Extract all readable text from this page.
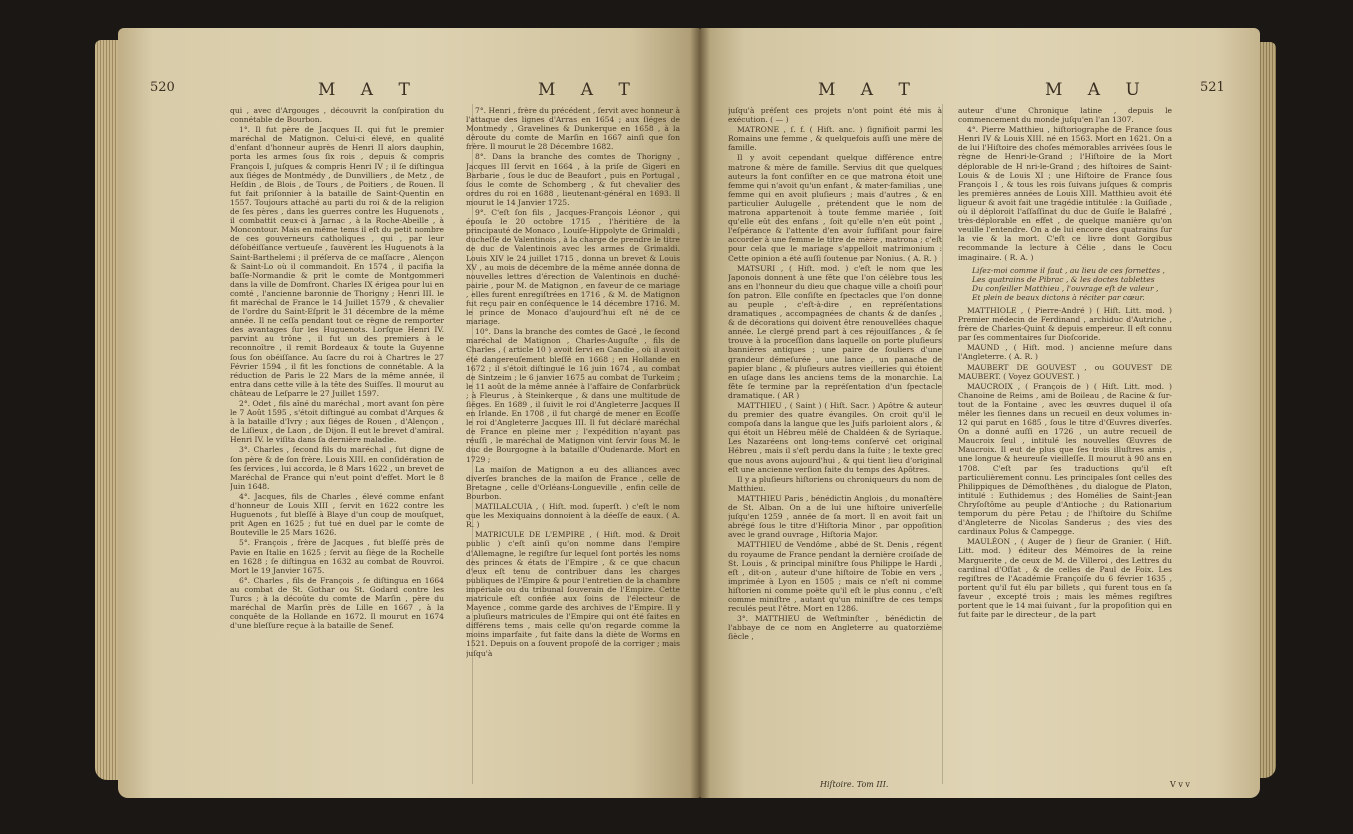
520	M A T	M A T

qui , avec d'Argouges , découvrit la conſpiration du connétable de Bourbon.

1°. Il fut père de Jacques II. qui fut le premier maréchal de Matignon. Celui-ci élevé, en qualité d'enfant d'honneur auprès de Henri II alors dauphin, porta les armes ſous ſix rois , depuis & compris François I, juſques & compris Henri IV ; il ſe diſtingua aux ſiéges de Montmédy , de Dunvilliers , de Metz , de Heſdin , de Blois , de Tours , de Poitiers , de Rouen. Il fut fait priſonnier à la bataille de Saint-Quentin en 1557. Toujours attaché au parti du roi & de la religion de ſes pères , dans les guerres contre les Huguenots , il combattit ceux-ci à Jarnac , à la Roche-Abeille , à Moncontour. Mais en même tems il eſt du petit nombre de ces gouverneurs catholiques , qui , par leur déſobéiſſance vertueuſe , ſauvèrent les Huguenots à la Saint-Barthelemi ; il préſerva de ce maſſacre , Alençon & Saint-Lo où il commandoit. En 1574 , il pacifia la baſſe-Normandie & prit le comte de Montgommeri dans la ville de Domfront. Charles IX érigea pour lui en comté , l'ancienne baronnie de Thorigny ; Henri III. le fit maréchal de France le 14 Juillet 1579 , & chevalier de l'ordre du Saint-Eſprit le 31 décembre de la même année. Il ne ceſſa pendant tout ce règne de remporter des avantages ſur les Huguenots. Lorſque Henri IV. parvint au trône , il fut un des premiers à le reconnoître , il remit Bordeaux & toute la Guyenne ſous ſon obéiſſance. Au ſacre du roi à Chartres le 27 Février 1594 , il fit les fonctions de connétable. A la réduction de Paris le 22 Mars de la même année, il entra dans cette ville à la tête des Suiſſes. Il mourut au château de Leſparre le 27 Juillet 1597.

2°. Odet , fils aîné du maréchal , mort avant ſon père le 7 Août 1595 , s'étoit diſtingué au combat d'Arques & à la bataille d'Ivry ; aux ſiéges de Rouen , d'Alençon , de Liſieux , de Laon , de Dijon. Il eut le brevet d'amiral. Henri IV. le viſita dans ſa dernière maladie.

3°. Charles , ſecond fils du maréchal , fut digne de ſon père & de ſon frère. Louis XIII. en conſidération de ſes ſervices , lui accorda, le 8 Mars 1622 , un brevet de Maréchal de France qui n'eut point d'effet. Mort le 8 Juin 1648.

4°. Jacques, fils de Charles , élevé comme enfant d'honneur de Louis XIII , ſervit en 1622 contre les Huguenots , fut bleſſé à Blaye d'un coup de mouſquet, prit Agen en 1625 ; fut tué en duel par le comte de Bouteville le 25 Mars 1626.

5°. François , frère de Jacques , fut bleſſé près de Pavie en Italie en 1625 ; ſervit au ſiège de la Rochelle en 1628 ; ſe diſtingua en 1632 au combat de Rouvroi. Mort le 19 Janvier 1675.

6°. Charles , fils de François , ſe diſtingua en 1664 au combat de St. Gothar ou St. Godard contre les Turcs ; à la décoûte du comte de Marſin , père du maréchal de Marſin près de Lille en 1667 , à la conquête de la Hollande en 1672. Il mourut en 1674 d'une bleſſure reçue à la bataille de Senef.

7°. Henri , frère du précédent , ſervit avec honneur à l'attaque des lignes d'Arras en 1654 ; aux ſiéges de Montmedy , Gravelines & Dunkerque en 1658 , à la déroute du comte de Marſin en 1667 ainſi que ſon frère. Il mourut le 28 Décembre 1682.

8°. Dans la branche des comtes de Thorigny , Jacques III ſervit en 1664 , à la priſe de Gigeri en Barbarie , ſous le duc de Beaufort , puis en Portugal , ſous le comte de Schomberg , & fut chevalier des ordres du roi en 1688 , lieutenant-général en 1693. Il mourut le 14 Janvier 1725.

9°. C'eſt ſon fils , Jacques-François Léonor , qui épouſa le 20 octobre 1715 , l'héritière de la principauté de Monaco , Louiſe-Hippolyte de Grimaldi , ducheſſe de Valentinois , à la charge de prendre le titre de duc de Valentinois avec les armes de Grimaldi. Louis XIV le 24 juillet 1715 , donna un brevet & Louis XV , au mois de décembre de la même année donna de nouvelles lettres d'érection de Valentinois en duché-pairie , pour M. de Matignon , en faveur de ce mariage , elles furent enregiſtrées en 1716 , & M. de Matignon fut reçu pair en conſéquence le 14 décembre 1716. M. le prince de Monaco d'aujourd'hui eſt né de ce mariage.

10°. Dans la branche des comtes de Gacé , le ſecond maréchal de Matignon , Charles-Auguſte , fils de Charles , ( article 10 ) avoit ſervi en Candie , où il avoit été dangereuſement bleſſé en 1668 ; en Hollande en 1672 ; il s'étoit diſtingué le 16 juin 1674 , au combat de Sintzeim ; le 6 janvier 1675 au combat de Turkeim ; le 11 août de la même année à l'affaire de Confarbrück ; à Fleurus , à Steinkerque , & dans une multitude de ſiéges. En 1689 , il ſuivit le roi d'Angleterre Jacques II en Irlande. En 1708 , il fut chargé de mener en Ecoſſe le roi d'Angleterre Jacques III. Il fut déclaré maréchal de France en pleine mer ; l'expédition n'ayant pas réuſſi , le maréchal de Matignon vint ſervir ſous M. le duc de Bourgogne à la bataille d'Oudenarde. Mort en 1729 ;

La maiſon de Matignon a eu des alliances avec diverſes branches de la maiſon de France , celle de Bretagne , celle d'Orléans-Longueville , enfin celle de Bourbon.

MATILALCUIA , ( Hiſt. mod. ſuperſt. ) c'eſt le nom que les Mexiquains donnoient à la déeſſe de eaux. ( A. R. )

MATRICULE DE L'EMPIRE , ( Hiſt. mod. & Droit public ) c'eſt ainſi qu'on nomme dans l'empire d'Allemagne, le regiſtre ſur lequel ſont portés les noms des princes & états de l'Empire , & ce que chacun d'eux eſt tenu de contribuer dans les charges publiques de l'Empire & pour l'entretien de la chambre impériale ou du tribunal ſouverain de l'Empire. Cette matricule eſt confiée aux ſoins de l'électeur de Mayence , comme garde des archives de l'Empire. Il y a pluſieurs matricules de l'Empire qui ont été faites en différens tems , mais celle qu'on regarde comme la moins imparfaite , fut faite dans la diète de Worms en 1521. Depuis on a ſouvent propoſé de la corriger ; mais juſqu'à

M A T	M A U	521

juſqu'à préſent ces projets n'ont point été mis à exécution. ( — )

MATRONE , ſ. f. ( Hiſt. anc. ) ſignifioit parmi les Romains une femme , & quelquefois auſſi une mère de famille.

Il y avoit cependant quelque différence entre matrone & mère de famille. Servius dit que quelques auteurs la font conſiſter en ce que matrona étoit une femme qui n'avoit qu'un enfant , & mater-familias , une femme qui en avoit pluſieurs ; mais d'autres , & en particulier Aulugelle , prétendent que le nom de matrona appartenoit à toute femme mariée , ſoit qu'elle eût des enfans , ſoit qu'elle n'en eût point , l'eſpérance & l'attente d'en avoir ſuffiſant pour faire accorder à une femme le titre de mère , matrona ; c'eſt pour cela que le mariage s'appelloit matrimonium : Cette opinion a été auſſi ſoutenue par Nonius. ( A. R. )

MATSURI , ( Hiſt. mod. ) c'eſt le nom que les Japonois donnent à une fête que l'on célèbre tous les ans en l'honneur du dieu que chaque ville a choiſi pour ſon patron. Elle conſiſte en ſpectacles que l'on donne au peuple , c'eſt-à-dire , en repréſentations dramatiques , accompagnées de chants & de danſes , & de décorations qui doivent être renouvellées chaque année. Le clergé prend part à ces réjouiſſances , & ſe trouve à la proceſſion dans laquelle on porte pluſieurs bannières antiques ; une paire de ſouliers d'une grandeur démeſurée , une lance , un panache de papier blanc , & pluſieurs autres vieilleries qui étoient en uſage dans les anciens tems de la monarchie. La fête ſe termine par la repréſentation d'un ſpectacle dramatique. ( AR )

MATTHIEU , ( Saint ) ( Hiſt. Sacr. ) Apôtre & auteur du premier des quatre évangiles. On croit qu'il le compoſa dans la langue que les Juifs parloient alors , & qui étoit un Hébreu mêlé de Chaldéen & de Syriaque. Les Nazaréens ont long-tems conſervé cet original Hébreu , mais il s'eſt perdu dans la ſuite ; le texte grec que nous avons aujourd'hui , & qui tient lieu d'original eſt une ancienne verſion faite du temps des Apôtres.

Il y a pluſieurs hiſtoriens ou chroniqueurs du nom de Matthieu.

MATTHIEU Paris , bénédictin Anglois , du monaſtère de St. Alban. On a de lui une hiſtoire univerſelle juſqu'en 1259 , année de ſa mort. Il en avoit fait un abrégé ſous le titre d'Hiſtoria Minor , par oppoſition avec le grand ouvrage , Hiſtoria Major.

MATTHIEU de Vendôme , abbé de St. Denis , régent du royaume de France pendant la dernière croiſade de St. Louis , & principal miniſtre ſous Philippe le Hardi , eſt , dit-on , auteur d'une hiſtoire de Tobie en vers , imprimée à Lyon en 1505 ; mais ce n'eſt ni comme hiſtorien ni comme poëte qu'il eſt le plus connu , c'eſt comme miniſtre , autant qu'un miniſtre de ces temps reculés peut l'être. Mort en 1286.

3°. MATTHIEU de Weſtminſter , bénédictin de l'abbaye de ce nom en Angleterre au quatorzième ſiècle ,

auteur d'une Chronique latine , depuis le commencement du monde juſqu'en l'an 1307.

4°. Pierre Matthieu , hiſtoriographe de France ſous Henri IV & Louis XIII. né en 1563. Mort en 1621. On a de lui l'Hiſtoire des choſes mémorables arrivées ſous le règne de Henri-le-Grand ; l'Hiſtoire de la Mort déplorable de H nri-le-Grand ; des hiſtoires de Saint-Louis & de Louis XI ; une Hiſtoire de France ſous François I , & tous les rois ſuivans juſques & compris les premières années de Louis XIII. Matthieu avoit été ligueur & avoit fait une tragédie intitulée : la Guiſiade , où il déploroit l'aſſaſſinat du duc de Guiſe le Balafré , très-déplorable en effet , de quelque manière qu'on veuille l'entendre. On a de lui encore des quatrains ſur la vie & la mort. C'eſt ce livre dont Gorgibus recommande la lecture à Célie , dans le Cocu imaginaire. ( R. A. )

Liſez-moi comme il faut , au lieu de ces ſornettes ,
Les quatrains de Pibrac , & les doctes tablettes
Du conſeiller Matthieu , l'ouvrage eſt de valeur ,
Et plein de beaux dictons à réciter par cœur.

MATTHIOLE , ( Pierre-André ) ( Hiſt. Litt. mod. ) Premier médecin de Ferdinand , archiduc d'Autriche , frère de Charles-Quint & depuis empereur. Il eſt connu par ſes commentaires ſur Dioſcoride.

MAUND , ( Hiſt. mod. ) ancienne meſure dans l'Angleterre. ( A. R. )

MAUBERT DE GOUVEST , ou GOUVEST DE MAUBERT. ( Voyez GOUVEST. )

MAUCROIX , ( François de ) ( Hiſt. Litt. mod. ) Chanoine de Reims , ami de Boileau , de Racine & ſur-tout de la Fontaine , avec les œuvres duquel il oſa mêler les ſiennes dans un recueil en deux volumes in-12 qui parut en 1685 , ſous le titre d'Œuvres diverſes. On a donné auſſi en 1726 , un autre recueil de Maucroix ſeul , intitulé les nouvelles Œuvres de Maucroix. Il eut de plus que ſes trois illuſtres amis , une longue & heureuſe vieilleſſe. Il mourut à 90 ans en 1708. C'eſt par ſes traductions qu'il eſt particulièrement connu. Les principales ſont celles des Philippiques de Démoſthènes , du dialogue de Platon, intitulé : Euthidemus ; des Homélies de Saint-Jean Chryſoſtôme au peuple d'Antioche ; du Rationarium temporum du père Petau ; de l'hiſtoire du Schiſme d'Angleterre de Nicolas Sanderus ; des vies des cardinaux Polus & Campegge.

MAULÉON , ( Auger de ) ſieur de Granier. ( Hiſt. Litt. mod. ) éditeur des Mémoires de la reine Marguerite , de ceux de M. de Villeroi , des Lettres du cardinal d'Oſſat , & de celles de Paul de Foix. Les regiſtres de l'Académie Françoiſe du 6 février 1635 , portent qu'il fut élu par billets , qui furent tous en ſa faveur , excepté trois ; mais les mêmes regiſtres portent que le 14 mai ſuivant , ſur la propoſition qui en fut faite par le directeur , de la part

Hiſtoire. Tom III.	V v v
